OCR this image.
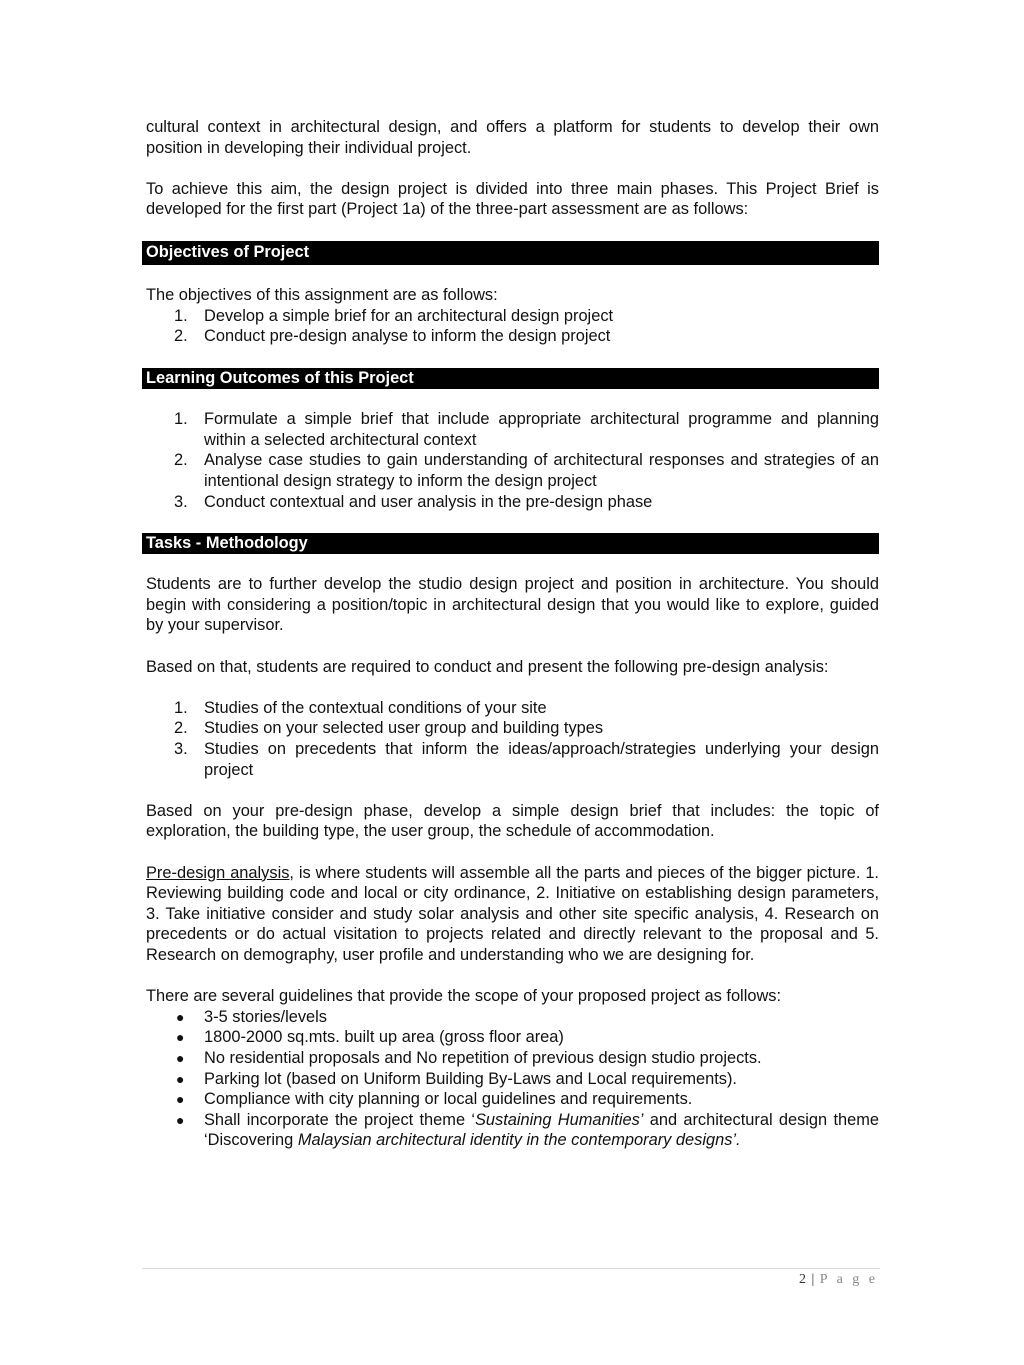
cultural context in architectural design, and offers a platform for students to develop their own position in developing their individual project.

To achieve this aim, the design project is divided into three main phases. This Project Brief is developed for the first part (Project 1a) of the three-part assessment are as follows:

Objectives of Project

The objectives of this assignment are as follows:

1. Develop a simple brief for an architectural design project
2. Conduct pre-design analyse to inform the design project
Learning Outcomes of this Project
1. Formulate a simple brief that include appropriate architectural programme and planning within a selected architectural context
2. Analyse case studies to gain understanding of architectural responses and strategies of an intentional design strategy to inform the design project
3. Conduct contextual and user analysis in the pre-design phase
Tasks - Methodology

Students are to further develop the studio design project and position in architecture. You should begin with considering a position/topic in architectural design that you would like to explore, guided by your supervisor.

Based on that, students are required to conduct and present the following pre-design analysis:

1. Studies of the contextual conditions of your site
2. Studies on your selected user group and building types
3. Studies on precedents that inform the ideas/approach/strategies underlying your design project

Based on your pre-design phase, develop a simple design brief that includes: the topic of exploration, the building type, the user group, the schedule of accommodation.

Pre-design analysis, is where students will assemble all the parts and pieces of the bigger picture. 1. Reviewing building code and local or city ordinance, 2. Initiative on establishing design parameters, 3. Take initiative consider and study solar analysis and other site specific analysis, 4. Research on precedents or do actual visitation to projects related and directly relevant to the proposal and 5. Research on demography, user profile and understanding who we are designing for.

There are several guidelines that provide the scope of your proposed project as follows:

● 3-5 stories/levels
● 1800-2000 sq.mts. built up area (gross floor area)
● No residential proposals and No repetition of previous design studio projects.
● Parking lot (based on Uniform Building By-Laws and Local requirements).
● Compliance with city planning or local guidelines and requirements.
● Shall incorporate the project theme ‘Sustaining Humanities’ and architectural design theme ‘Discovering Malaysian architectural identity in the contemporary designs’.
2 | P a g e
